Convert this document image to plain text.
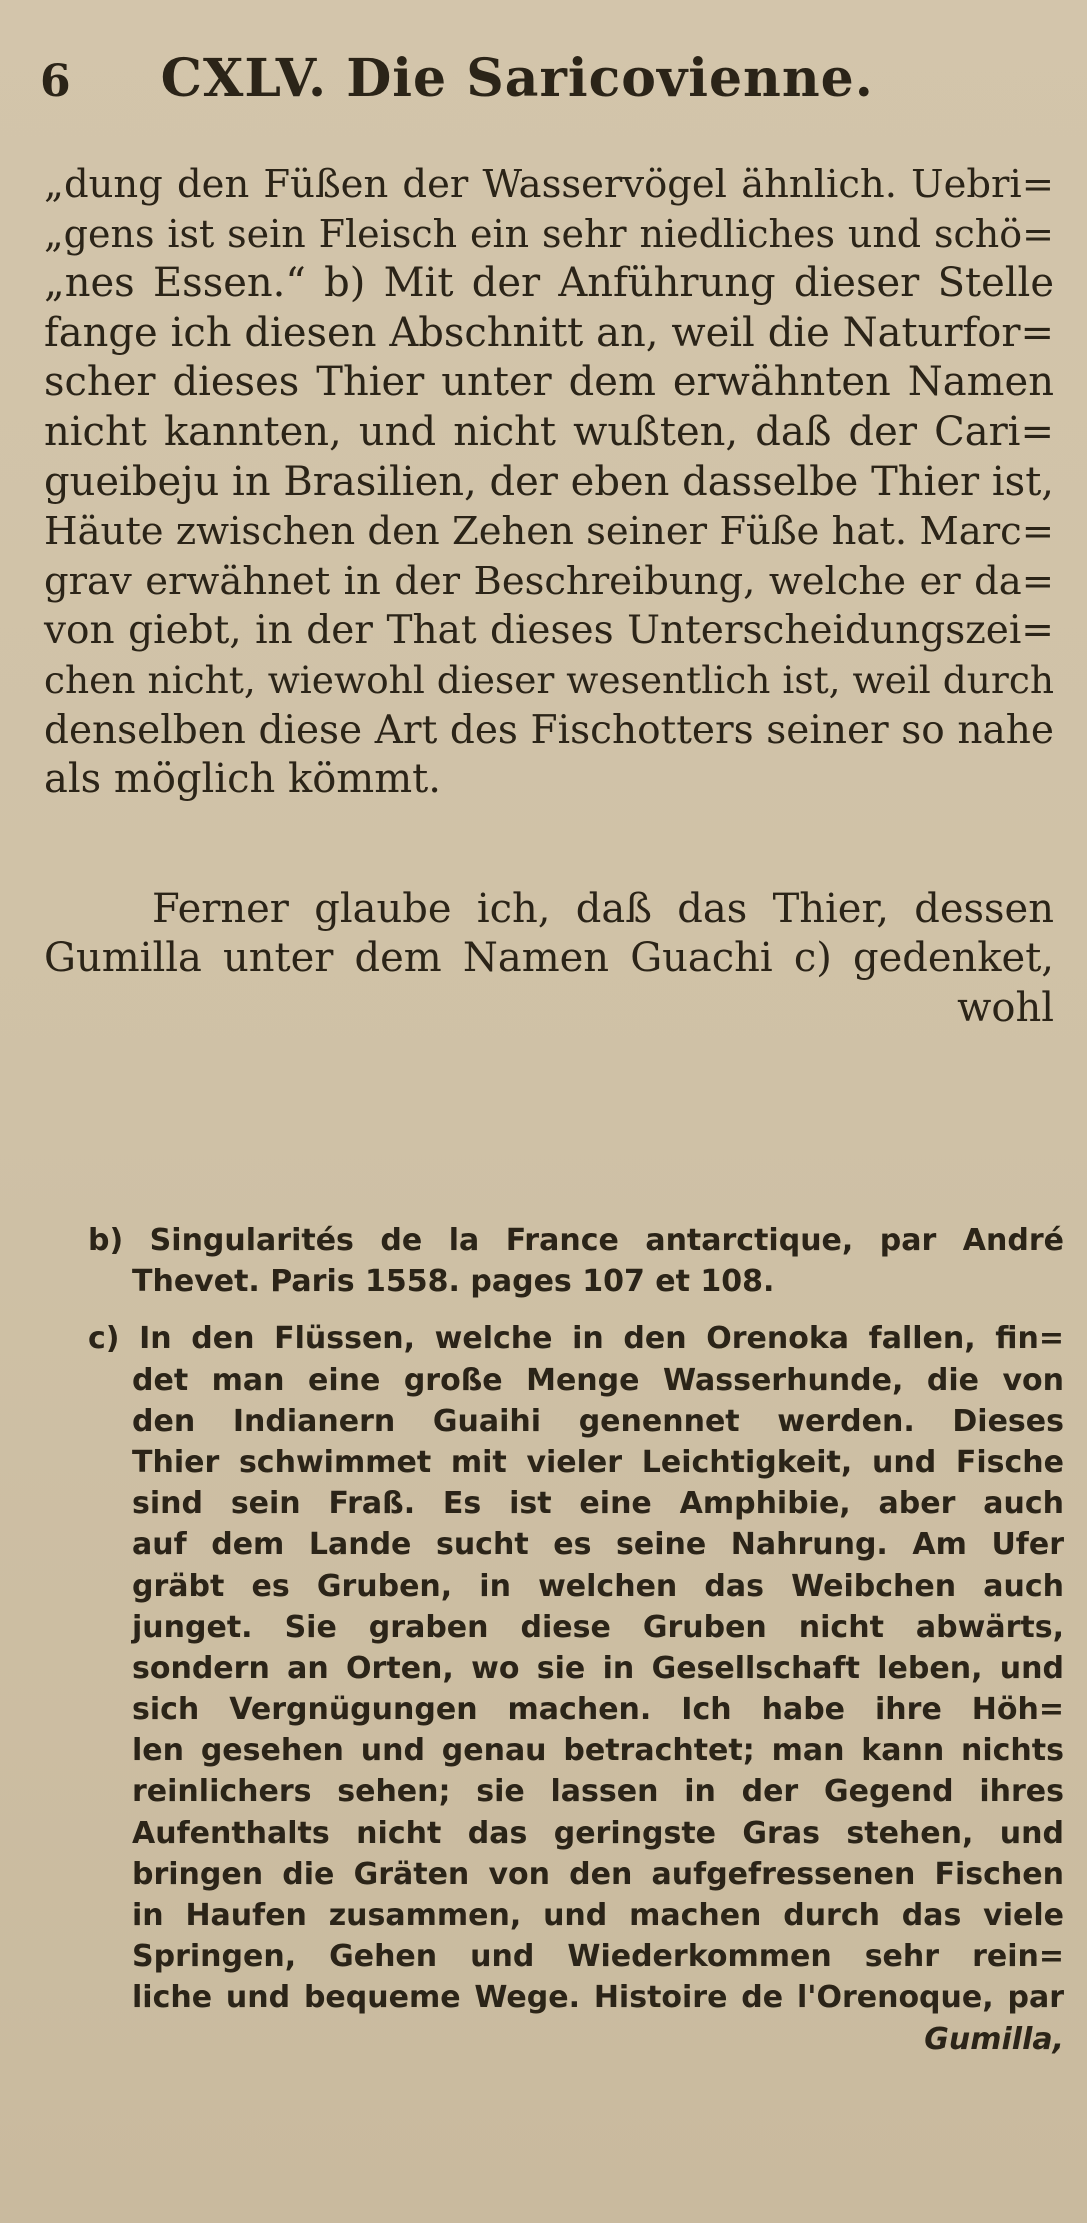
6 CXLV. Die Saricovienne.
„dung den Füßen der Wasservögel ähnlich. Uebri=
„gens ist sein Fleisch ein sehr niedliches und schö=
„nes Essen.“ b) Mit der Anführung dieser Stelle
fange ich diesen Abschnitt an, weil die Naturfor=
scher dieses Thier unter dem erwähnten Namen
nicht kannten, und nicht wußten, daß der Cari=
gueibeju in Brasilien, der eben dasselbe Thier ist,
Häute zwischen den Zehen seiner Füße hat. Marc=
grav erwähnet in der Beschreibung, welche er da=
von giebt, in der That dieses Unterscheidungszei=
chen nicht, wiewohl dieser wesentlich ist, weil durch
denselben diese Art des Fischotters seiner so nahe
als möglich kömmt.
Ferner glaube ich, daß das Thier, dessen
Gumilla unter dem Namen Guachi c) gedenket,
wohl
b) Singularités de la France antarctique, par André
Thevet. Paris 1558. pages 107 et 108.
c) In den Flüssen, welche in den Orenoka fallen, fin=
det man eine große Menge Wasserhunde, die von
den Indianern Guaihi genennet werden. Dieses
Thier schwimmet mit vieler Leichtigkeit, und Fische
sind sein Fraß. Es ist eine Amphibie, aber auch
auf dem Lande sucht es seine Nahrung. Am Ufer
gräbt es Gruben, in welchen das Weibchen auch
junget. Sie graben diese Gruben nicht abwärts,
sondern an Orten, wo sie in Gesellschaft leben, und
sich Vergnügungen machen. Ich habe ihre Höh=
len gesehen und genau betrachtet; man kann nichts
reinlichers sehen; sie lassen in der Gegend ihres
Aufenthalts nicht das geringste Gras stehen, und
bringen die Gräten von den aufgefressenen Fischen
in Haufen zusammen, und machen durch das viele
Springen, Gehen und Wiederkommen sehr rein=
liche und bequeme Wege. Histoire de l'Orenoque, par
Gumilla,
